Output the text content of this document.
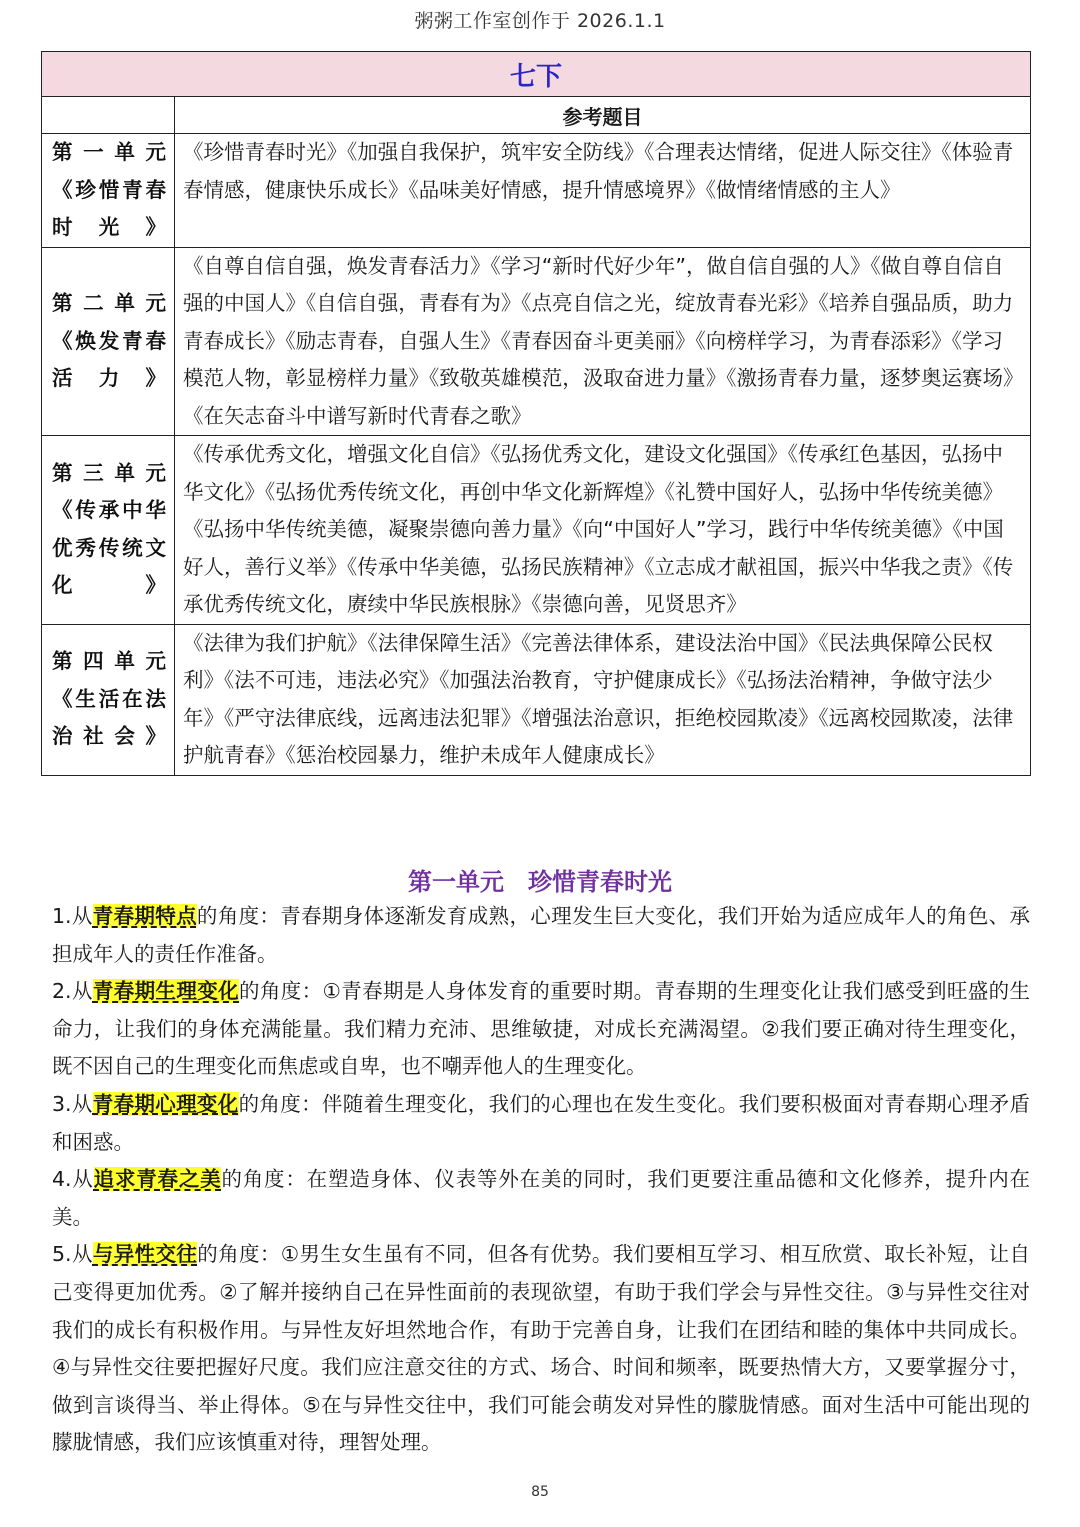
粥粥工作室创作于 2026.1.1
七下	
	参考题目
第一单元《珍惜青春时光》	《珍惜青春时光》《加强自我保护，筑牢安全防线》《合理表达情绪，促进人际交往》《体验青春情感，健康快乐成长》《品味美好情感，提升情感境界》《做情绪情感的主人》
第二单元《焕发青春活力》	《自尊自信自强，焕发青春活力》《学习“新时代好少年”，做自信自强的人》《做自尊自信自强的中国人》《自信自强，青春有为》《点亮自信之光，绽放青春光彩》《培养自强品质，助力青春成长》《励志青春，自强人生》《青春因奋斗更美丽》《向榜样学习，为青春添彩》《学习模范人物，彰显榜样力量》《致敬英雄模范，汲取奋进力量》《激扬青春力量，逐梦奥运赛场》《在矢志奋斗中谱写新时代青春之歌》
第三单元《传承中华优秀传统文化》	《传承优秀文化，增强文化自信》《弘扬优秀文化，建设文化强国》《传承红色基因，弘扬中华文化》《弘扬优秀传统文化，再创中华文化新辉煌》《礼赞中国好人，弘扬中华传统美德》《弘扬中华传统美德，凝聚崇德向善力量》《向“中国好人”学习，践行中华传统美德》《中国好人，善行义举》《传承中华美德，弘扬民族精神》《立志成才献祖国，振兴中华我之责》《传承优秀传统文化，赓续中华民族根脉》《崇德向善，见贤思齐》
第四单元《生活在法治社会》	《法律为我们护航》《法律保障生活》《完善法律体系，建设法治中国》《民法典保障公民权利》《法不可违，违法必究》《加强法治教育，守护健康成长》《弘扬法治精神，争做守法少年》《严守法律底线，远离违法犯罪》《增强法治意识，拒绝校园欺凌》《远离校园欺凌，法律护航青春》《惩治校园暴力，维护未成年人健康成长》
第一单元　珍惜青春时光

1.从青春期特点的角度：青春期身体逐渐发育成熟，心理发生巨大变化，我们开始为适应成年人的角色、承担成年人的责任作准备。

2.从青春期生理变化的角度：①青春期是人身体发育的重要时期。青春期的生理变化让我们感受到旺盛的生命力，让我们的身体充满能量。我们精力充沛、思维敏捷，对成长充满渴望。②我们要正确对待生理变化，既不因自己的生理变化而焦虑或自卑，也不嘲弄他人的生理变化。

3.从青春期心理变化的角度：伴随着生理变化，我们的心理也在发生变化。我们要积极面对青春期心理矛盾和困惑。

4.从追求青春之美的角度：在塑造身体、仪表等外在美的同时，我们更要注重品德和文化修养，提升内在美。

5.从与异性交往的角度：①男生女生虽有不同，但各有优势。我们要相互学习、相互欣赏、取长补短，让自己变得更加优秀。②了解并接纳自己在异性面前的表现欲望，有助于我们学会与异性交往。③与异性交往对我们的成长有积极作用。与异性友好坦然地合作，有助于完善自身，让我们在团结和睦的集体中共同成长。④与异性交往要把握好尺度。我们应注意交往的方式、场合、时间和频率，既要热情大方，又要掌握分寸，做到言谈得当、举止得体。⑤在与异性交往中，我们可能会萌发对异性的朦胧情感。面对生活中可能出现的朦胧情感，我们应该慎重对待，理智处理。

85
